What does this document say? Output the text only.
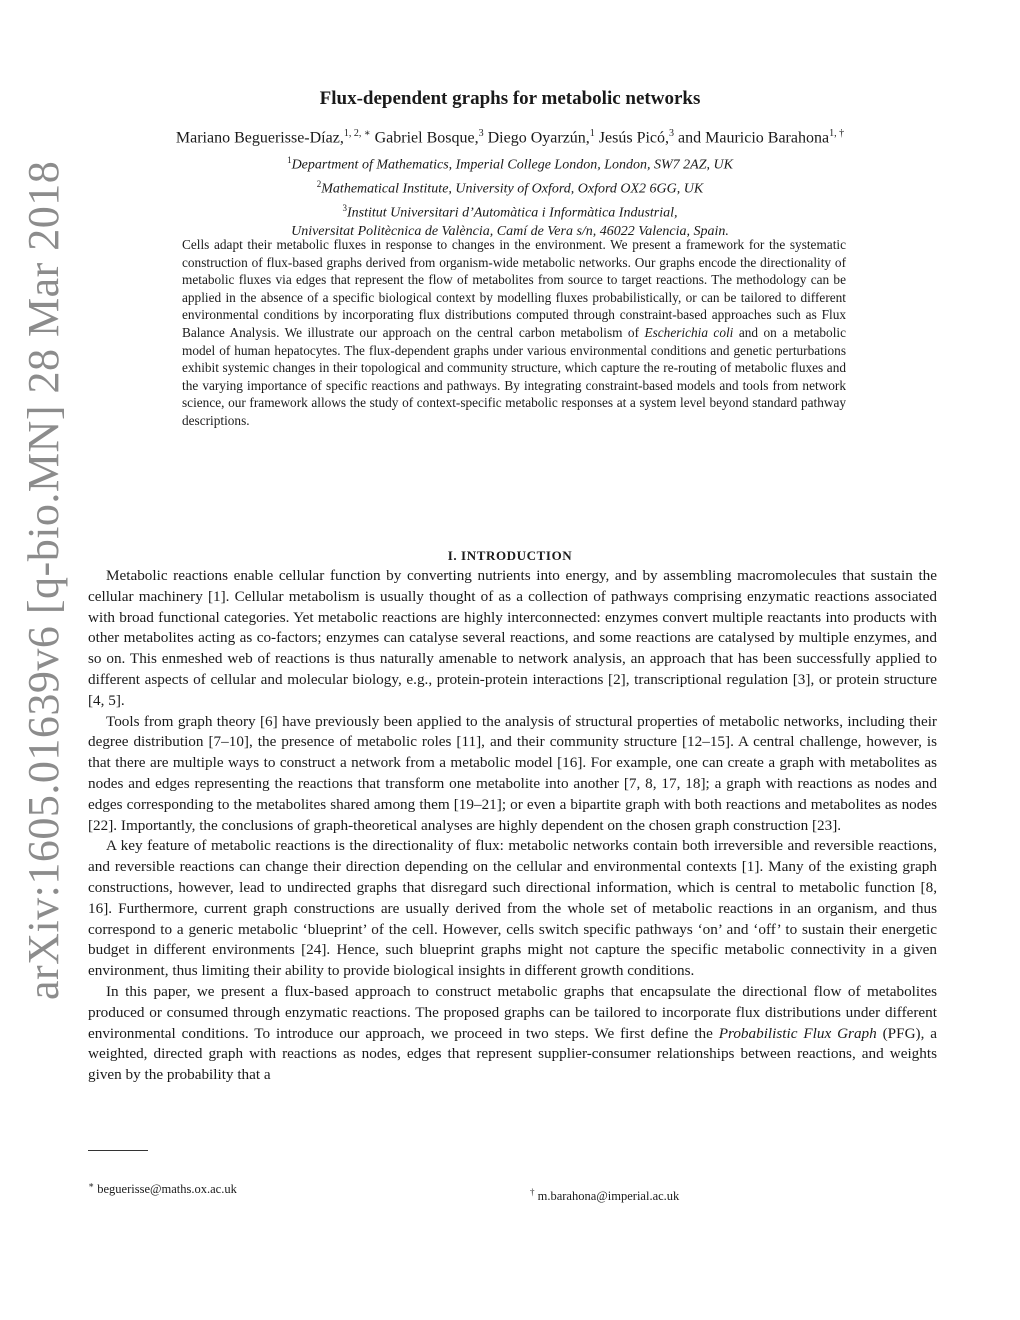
arXiv:1605.01639v6 [q-bio.MN] 28 Mar 2018
Flux-dependent graphs for metabolic networks
Mariano Beguerisse-Díaz,$^{1, 2, ∗}$ Gabriel Bosque,$^3$ Diego Oyarzún,$^1$ Jesús Picó,$^3$ and Mauricio Barahona$^{1, \dagger}$
$^1$Department of Mathematics, Imperial College London, London, SW7 2AZ, UK
$^2$Mathematical Institute, University of Oxford, Oxford OX2 6GG, UK
$^3$Institut Universitari d’Automàtica i Informàtica Industrial,
Universitat Politècnica de València, Camí de Vera s/n, 46022 Valencia, Spain.
Cells adapt their metabolic fluxes in response to changes in the environment. We present a framework for the systematic construction of flux-based graphs derived from organism-wide metabolic networks. Our graphs encode the directionality of metabolic fluxes via edges that represent the flow of metabolites from source to target reactions. The methodology can be applied in the absence of a specific biological context by modelling fluxes probabilistically, or can be tailored to different environmental conditions by incorporating flux distributions computed through constraint-based approaches such as Flux Balance Analysis. We illustrate our approach on the central carbon metabolism of Escherichia coli and on a metabolic model of human hepatocytes. The flux-dependent graphs under various environmental conditions and genetic perturbations exhibit systemic changes in their topological and community structure, which capture the re-routing of metabolic fluxes and the varying importance of specific reactions and pathways. By integrating constraint-based models and tools from network science, our framework allows the study of context-specific metabolic responses at a system level beyond standard pathway descriptions.
I. INTRODUCTION

Metabolic reactions enable cellular function by converting nutrients into energy, and by assembling macromolecules that sustain the cellular machinery [1]. Cellular metabolism is usually thought of as a collection of pathways comprising enzymatic reactions associated with broad functional categories. Yet metabolic reactions are highly interconnected: enzymes convert multiple reactants into products with other metabolites acting as co-factors; enzymes can catalyse several reactions, and some reactions are catalysed by multiple enzymes, and so on. This enmeshed web of reactions is thus naturally amenable to network analysis, an approach that has been successfully applied to different aspects of cellular and molecular biology, e.g., protein-protein interactions [2], transcriptional regulation [3], or protein structure [4, 5].

Tools from graph theory [6] have previously been applied to the analysis of structural properties of metabolic networks, including their degree distribution [7–10], the presence of metabolic roles [11], and their community structure [12–15]. A central challenge, however, is that there are multiple ways to construct a network from a metabolic model [16]. For example, one can create a graph with metabolites as nodes and edges representing the reactions that transform one metabolite into another [7, 8, 17, 18]; a graph with reactions as nodes and edges corresponding to the metabolites shared among them [19–21]; or even a bipartite graph with both reactions and metabolites as nodes [22]. Importantly, the conclusions of graph-theoretical analyses are highly dependent on the chosen graph construction [23].

A key feature of metabolic reactions is the directionality of flux: metabolic networks contain both irreversible and reversible reactions, and reversible reactions can change their direction depending on the cellular and environmental contexts [1]. Many of the existing graph constructions, however, lead to undirected graphs that disregard such directional information, which is central to metabolic function [8, 16]. Furthermore, current graph constructions are usually derived from the whole set of metabolic reactions in an organism, and thus correspond to a generic metabolic ‘blueprint’ of the cell. However, cells switch specific pathways ‘on’ and ‘off’ to sustain their energetic budget in different environments [24]. Hence, such blueprint graphs might not capture the specific metabolic connectivity in a given environment, thus limiting their ability to provide biological insights in different growth conditions.

In this paper, we present a flux-based approach to construct metabolic graphs that encapsulate the directional flow of metabolites produced or consumed through enzymatic reactions. The proposed graphs can be tailored to incorporate flux distributions under different environmental conditions. To introduce our approach, we proceed in two steps. We first define the Probabilistic Flux Graph (PFG), a weighted, directed graph with reactions as nodes, edges that represent supplier-consumer relationships between reactions, and weights given by the probability that a

∗ beguerisse@maths.ox.ac.uk	† m.barahona@imperial.ac.uk
